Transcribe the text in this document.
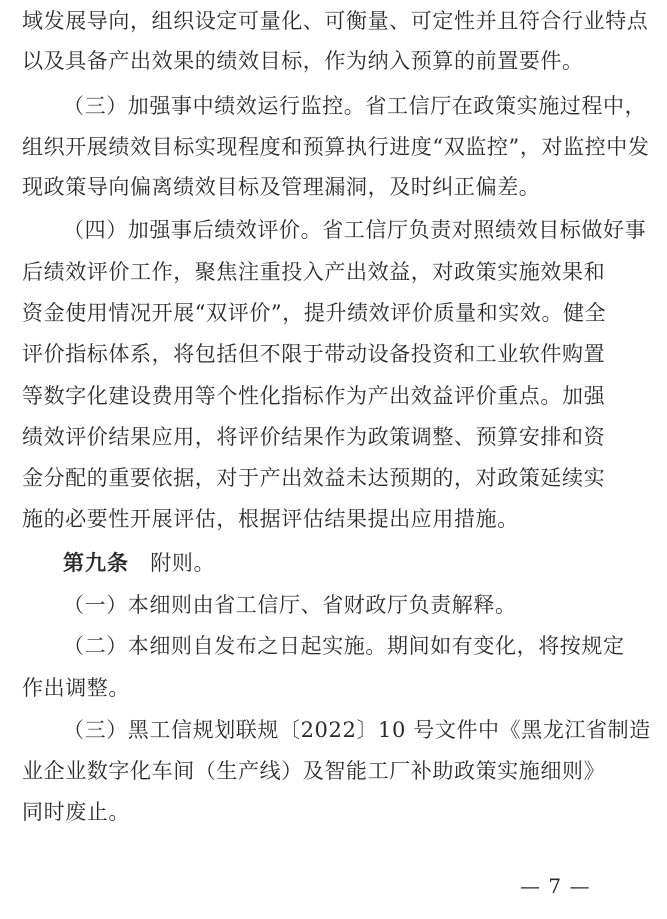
域发展导向，组织设定可量化、可衡量、可定性并且符合行业特点
以及具备产出效果的绩效目标，作为纳入预算的前置要件。
（三）加强事中绩效运行监控。省工信厅在政策实施过程中，
组织开展绩效目标实现程度和预算执行进度“双监控”，对监控中发
现政策导向偏离绩效目标及管理漏洞，及时纠正偏差。
（四）加强事后绩效评价。省工信厅负责对照绩效目标做好事
后绩效评价工作，聚焦注重投入产出效益，对政策实施效果和
资金使用情况开展“双评价”，提升绩效评价质量和实效。健全
评价指标体系，将包括但不限于带动设备投资和工业软件购置
等数字化建设费用等个性化指标作为产出效益评价重点。加强
绩效评价结果应用，将评价结果作为政策调整、预算安排和资
金分配的重要依据，对于产出效益未达预期的，对政策延续实
施的必要性开展评估，根据评估结果提出应用措施。
第九条 附则。
（一）本细则由省工信厅、省财政厅负责解释。
（二）本细则自发布之日起实施。期间如有变化，将按规定
作出调整。
（三）黑工信规划联规〔2022〕10 号文件中《黑龙江省制造
业企业数字化车间（生产线）及智能工厂补助政策实施细则》
同时废止。
— 7 —
